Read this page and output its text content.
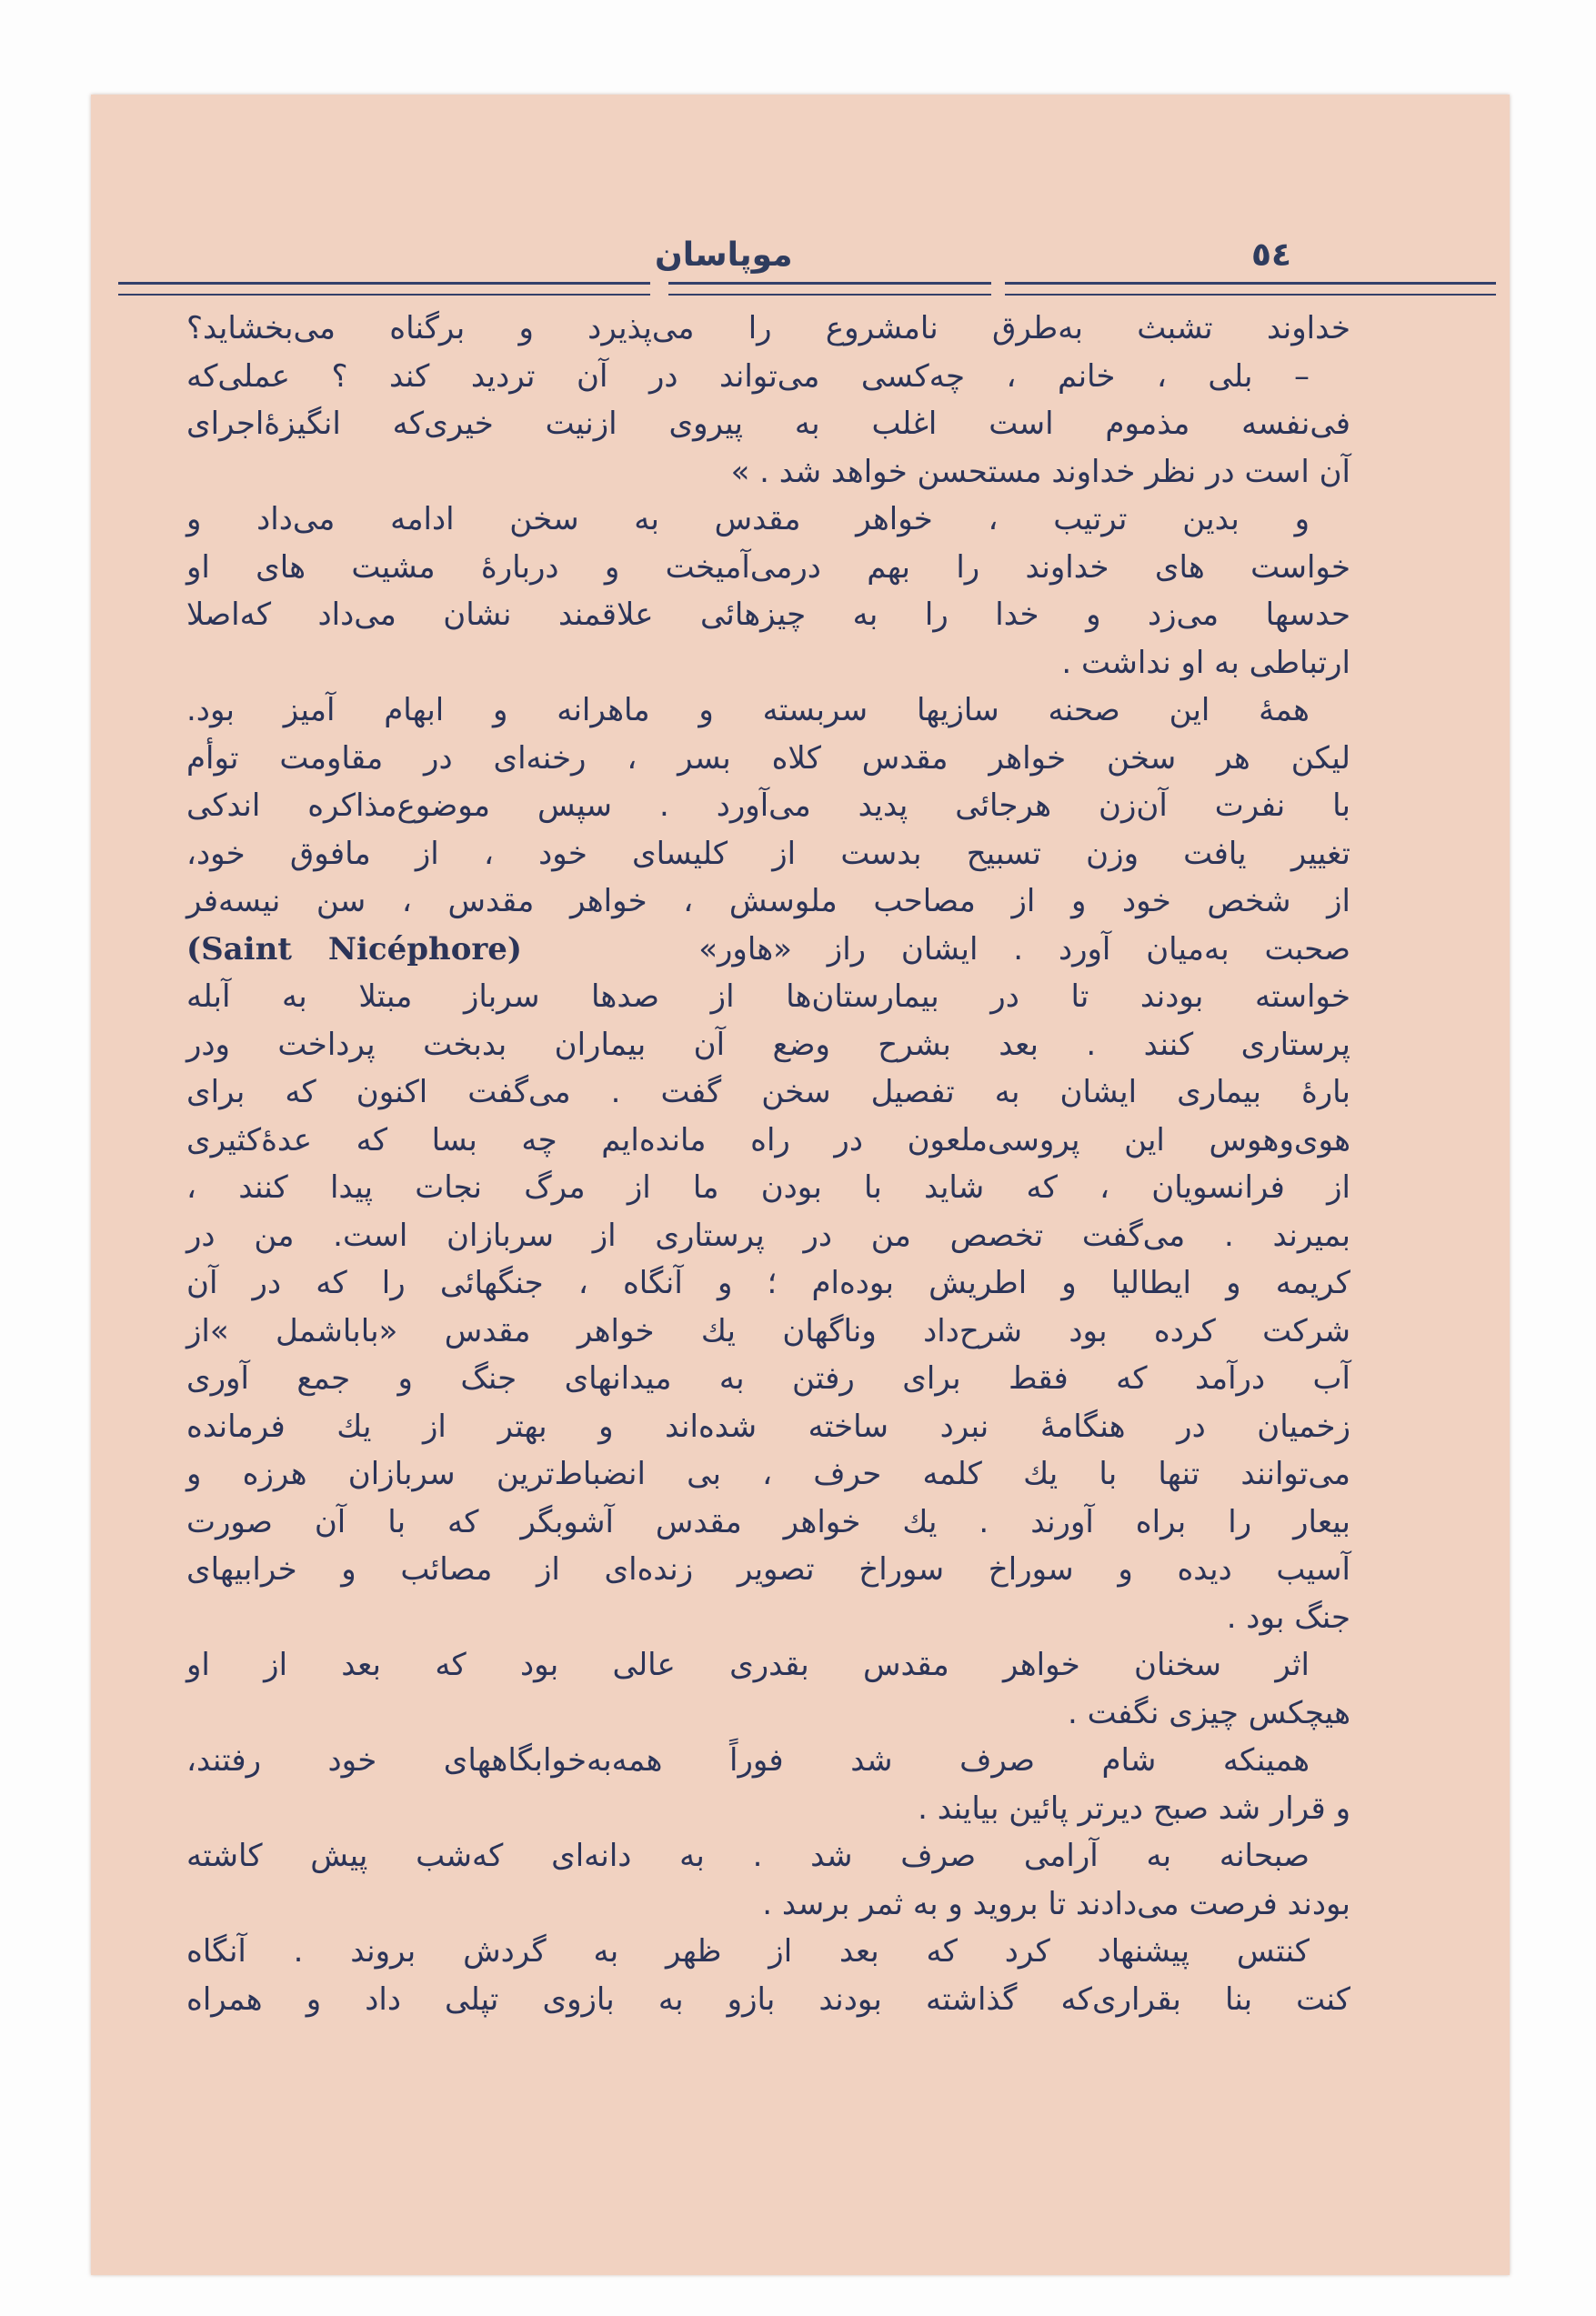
موپاسان	٥٤
خداوند تشبث به‌طرق نامشروع را می‌پذیرد و برگناه می‌بخشاید؟
– بلی ، خانم ، چه‌کسی می‌تواند در آن تردید کند ؟ عملی‌که
فی‌نفسه مذموم است اغلب به پیروی ازنیت خیری‌که انگیزهٔ‌اجرای
آن است در نظر خداوند مستحسن خواهد شد . »
و بدین ترتیب ، خواهر مقدس به سخن ادامه می‌داد و
خواست های خداوند را بهم درمی‌آمیخت و دربارهٔ مشیت های او
حدسها می‌زد و خدا را به چیزهائی علاقمند نشان می‌داد که‌اصلا
ارتباطی به او نداشت .
همهٔ این صحنه سازیها سربسته و ماهرانه و ابهام آمیز بود.
لیکن هر سخن خواهر مقدس کلاه بسر ، رخنه‌ای در مقاومت توأم
با نفرت آن‌زن هرجائی پدید می‌آورد . سپس موضوع‌مذاکره اندکی
تغییر یافت وزن تسبیح بدست از کلیسای خود ، از مافوق خود،
از شخص خود و از مصاحب ملوسش ، خواهر مقدس ، سن نیسه‌فر
صحبت به‌میان آورد . ایشان راز «هاور»     (Saint Nicéphore)
خواسته بودند تا در بیمارستان‌ها از صدها سرباز مبتلا به آبله
پرستاری کنند . بعد بشرح وضع آن بیماران بدبخت پرداخت ودر
بارهٔ بیماری ایشان به تفصیل سخن گفت . می‌گفت اکنون که برای
هوی‌وهوس این پروسی‌ملعون در راه مانده‌ایم چه بسا که عدهٔ‌کثیری
از فرانسویان ، که شاید با بودن ما از مرگ نجات پیدا کنند ،
بمیرند . می‌گفت تخصص من در پرستاری از سربازان است. من در
کریمه و ایطالیا و اطریش بوده‌ام ؛ و آنگاه ، جنگهائی را که در آن
شرکت کرده بود شرح‌داد وناگهان یك خواهر مقدس «باباشمل »از
آب درآمد که فقط برای رفتن به میدانهای جنگ و جمع آوری
زخمیان در هنگامهٔ نبرد ساخته شده‌اند و بهتر از یك فرمانده
می‌توانند تنها با یك کلمه حرف ، بی انضباط‌ترین سربازان هرزه و
بیعار را براه آورند . یك خواهر مقدس آشوبگر که با آن صورت
آسیب دیده و سوراخ سوراخ تصویر زنده‌ای از مصائب و خرابیهای
جنگ بود .
اثر سخنان خواهر مقدس بقدری عالی بود که بعد از او
هیچکس چیزی نگفت .
همینکه شام صرف شد فوراً همه‌به‌خوابگاههای خود رفتند،
و قرار شد صبح دیرتر پائین بیایند .
صبحانه به آرامی صرف شد . به دانه‌ای که‌شب پیش کاشته
بودند فرصت می‌دادند تا بروید و به ثمر برسد .
کنتس پیشنهاد کرد که بعد از ظهر به گردش بروند . آنگاه
کنت بنا بقراری‌که گذاشته بودند بازو به بازوی تپلی داد و همراه
